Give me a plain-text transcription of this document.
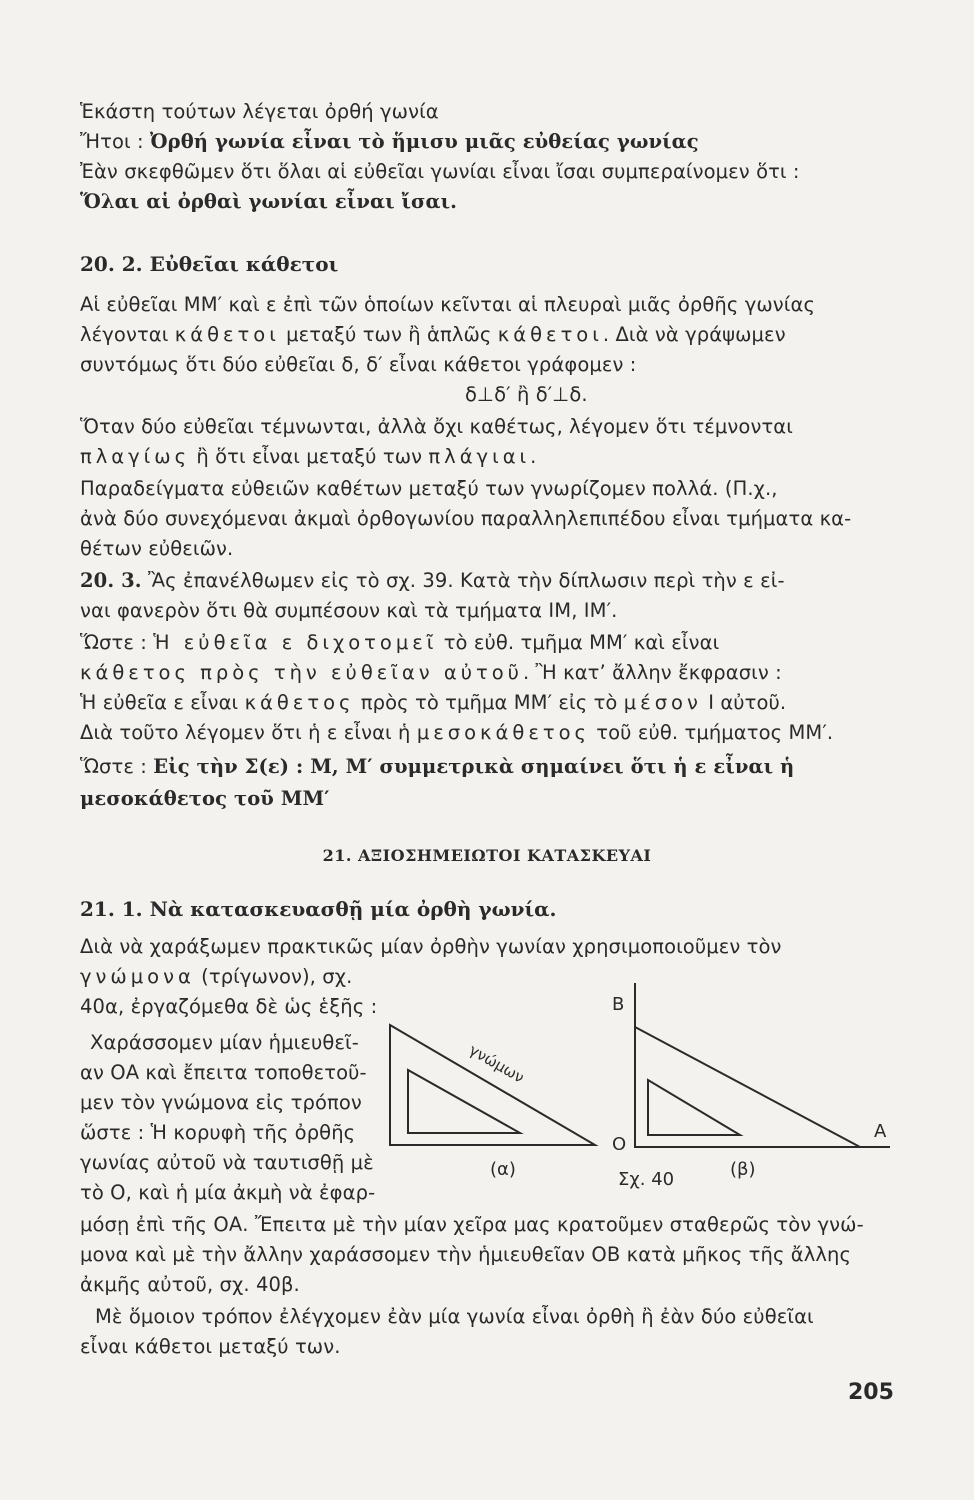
Ἑκάστη τούτων λέγεται ὀρθή γωνία
Ἤτοι : Ὀρθή γωνία εἶναι τὸ ἥμισυ μιᾶς εὐθείας γωνίας
Ἐὰν σκεφθῶμεν ὅτι ὅλαι αἱ εὐθεῖαι γωνίαι εἶναι ἴσαι συμπεραίνομεν ὅτι :
Ὅλαι αἱ ὀρθαὶ γωνίαι εἶναι ἴσαι.
20. 2. Εὐθεῖαι κάθετοι
Αἱ εὐθεῖαι ΜΜ′ καὶ ε ἐπὶ τῶν ὁποίων κεῖνται αἱ πλευραὶ μιᾶς ὀρθῆς γωνίας
λέγονται κάθετοι μεταξύ των ἢ ἁπλῶς κάθετοι. Διὰ νὰ γράψωμεν
συντόμως ὅτι δύο εὐθεῖαι δ, δ′ εἶναι κάθετοι γράφομεν :
δ⊥δ′ ἢ δ′⊥δ.
Ὅταν δύο εὐθεῖαι τέμνωνται, ἀλλὰ ὄχι καθέτως, λέγομεν ὅτι τέμνονται
πλαγίως ἢ ὅτι εἶναι μεταξύ των πλάγιαι.
Παραδείγματα εὐθειῶν καθέτων μεταξύ των γνωρίζομεν πολλά. (Π.χ.,
ἀνὰ δύο συνεχόμεναι ἀκμαὶ ὀρθογωνίου παραλληλεπιπέδου εἶναι τμήματα κα-
θέτων εὐθειῶν.
20. 3. Ἂς ἐπανέλθωμεν εἰς τὸ σχ. 39. Κατὰ τὴν δίπλωσιν περὶ τὴν ε εἰ-
ναι φανερὸν ὅτι θὰ συμπέσουν καὶ τὰ τμήματα ΙΜ, ΙΜ′.
Ὥστε : Ἡ εὐθεῖα ε διχοτομεῖ τὸ εὐθ. τμῆμα ΜΜ′ καὶ εἶναι
κάθετος πρὸς τὴν εὐθεῖαν αὐτοῦ. Ἢ κατ’ ἄλλην ἔκφρασιν :
Ἡ εὐθεῖα ε εἶναι κάθετος πρὸς τὸ τμῆμα ΜΜ′ εἰς τὸ μέσον Ι αὐτοῦ.
Διὰ τοῦτο λέγομεν ὅτι ἡ ε εἶναι ἡ μεσοκάθετος τοῦ εὐθ. τμήματος ΜΜ′.
Ὥστε : Εἰς τὴν Σ(ε) : Μ, Μ′ συμμετρικὰ σημαίνει ὅτι ἡ ε εἶναι ἡ
μεσοκάθετος τοῦ ΜΜ′
21. ΑΞΙΟΣΗΜΕΙΩΤΟΙ ΚΑΤΑΣΚΕΥΑΙ
21. 1. Νὰ κατασκευασθῇ μία ὀρθὴ γωνία.
Διὰ νὰ χαράξωμεν πρακτικῶς μίαν ὀρθὴν γωνίαν χρησιμοποιοῦμεν τὸν
γνώμονα (τρίγωνον), σχ.
40α, ἐργαζόμεθα δὲ ὡς ἑξῆς :
Χαράσσομεν μίαν ἡμιευθεῖ-
αν ΟΑ καὶ ἔπειτα τοποθετοῦ-
μεν τὸν γνώμονα εἰς τρόπον
ὥστε : Ἡ κορυφὴ τῆς ὀρθῆς
γωνίας αὐτοῦ νὰ ταυτισθῇ μὲ
τὸ Ο, καὶ ἡ μία ἀκμὴ νὰ ἐφαρ-
μόσῃ ἐπὶ τῆς ΟΑ. Ἔπειτα μὲ τὴν μίαν χεῖρα μας κρατοῦμεν σταθερῶς τὸν γνώ-
μονα καὶ μὲ τὴν ἄλλην χαράσσομεν τὴν ἡμιευθεῖαν ΟΒ κατὰ μῆκος τῆς ἄλλης
ἀκμῆς αὐτοῦ, σχ. 40β.
Μὲ ὅμοιον τρόπον ἐλέγχομεν ἐὰν μία γωνία εἶναι ὀρθὴ ἢ ἐὰν δύο εὐθεῖαι
εἶναι κάθετοι μεταξύ των.
γνώμων
(α)
Β
Ο
Α
Σχ. 40	(β)
205
